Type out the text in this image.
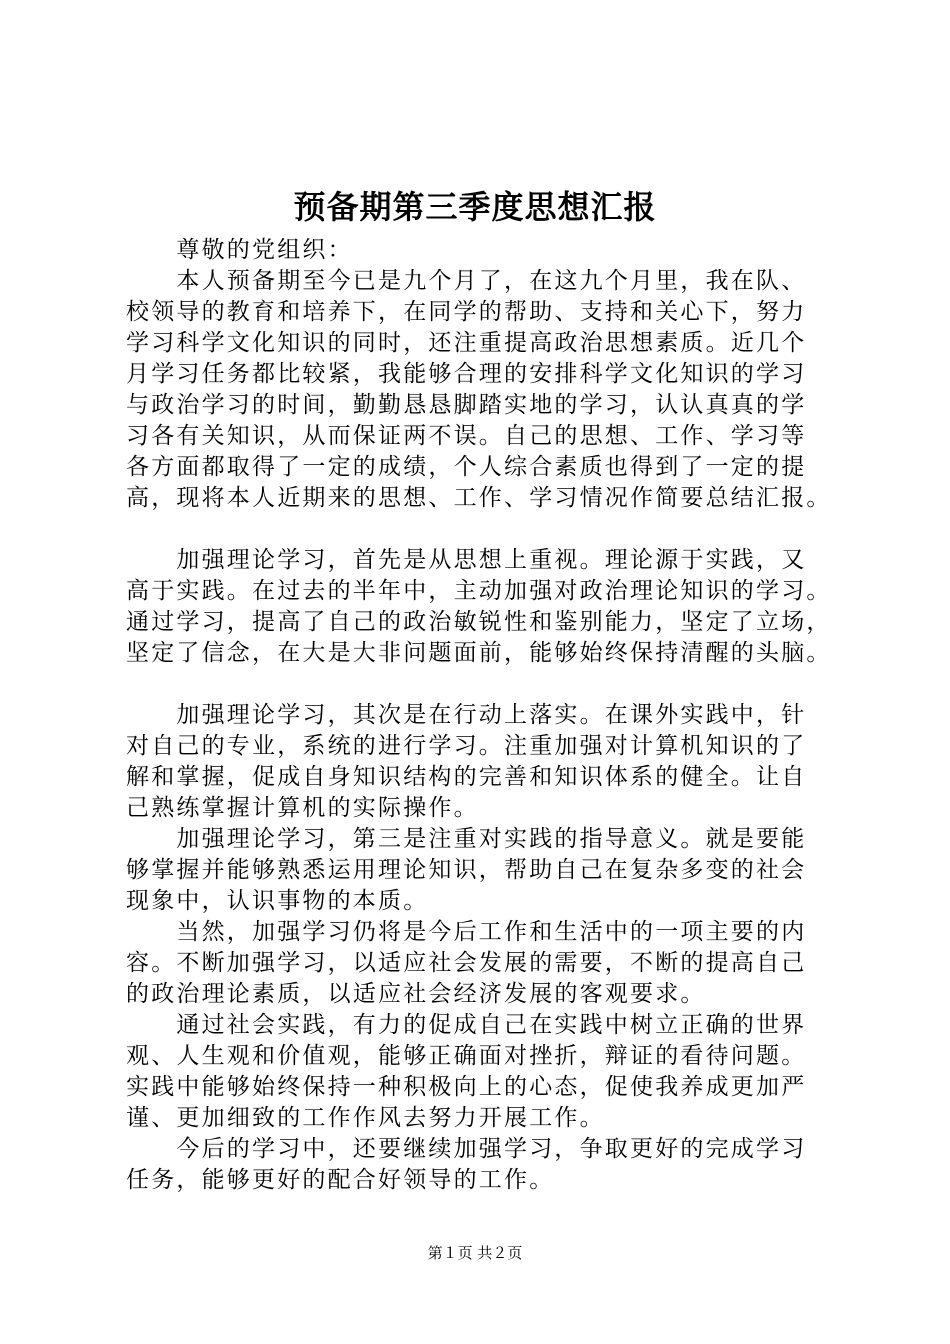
预备期第三季度思想汇报
　　尊敬的党组织：
　　本人预备期至今已是九个月了，在这九个月里，我在队、
校领导的教育和培养下，在同学的帮助、支持和关心下，努力
学习科学文化知识的同时，还注重提高政治思想素质。近几个
月学习任务都比较紧，我能够合理的安排科学文化知识的学习
与政治学习的时间，勤勤恳恳脚踏实地的学习，认认真真的学
习各有关知识，从而保证两不误。自己的思想、工作、学习等
各方面都取得了一定的成绩，个人综合素质也得到了一定的提
高，现将本人近期来的思想、工作、学习情况作简要总结汇报。
　　加强理论学习，首先是从思想上重视。理论源于实践，又
高于实践。在过去的半年中，主动加强对政治理论知识的学习。
通过学习，提高了自己的政治敏锐性和鉴别能力，坚定了立场，
坚定了信念，在大是大非问题面前，能够始终保持清醒的头脑。
　　加强理论学习，其次是在行动上落实。在课外实践中，针
对自己的专业，系统的进行学习。注重加强对计算机知识的了
解和掌握，促成自身知识结构的完善和知识体系的健全。让自
己熟练掌握计算机的实际操作。
　　加强理论学习，第三是注重对实践的指导意义。就是要能
够掌握并能够熟悉运用理论知识，帮助自己在复杂多变的社会
现象中，认识事物的本质。
　　当然，加强学习仍将是今后工作和生活中的一项主要的内
容。不断加强学习，以适应社会发展的需要，不断的提高自己
的政治理论素质，以适应社会经济发展的客观要求。
　　通过社会实践，有力的促成自己在实践中树立正确的世界
观、人生观和价值观，能够正确面对挫折，辩证的看待问题。
实践中能够始终保持一种积极向上的心态，促使我养成更加严
谨、更加细致的工作作风去努力开展工作。
　　今后的学习中，还要继续加强学习，争取更好的完成学习
任务，能够更好的配合好领导的工作。
第１页 共２页
